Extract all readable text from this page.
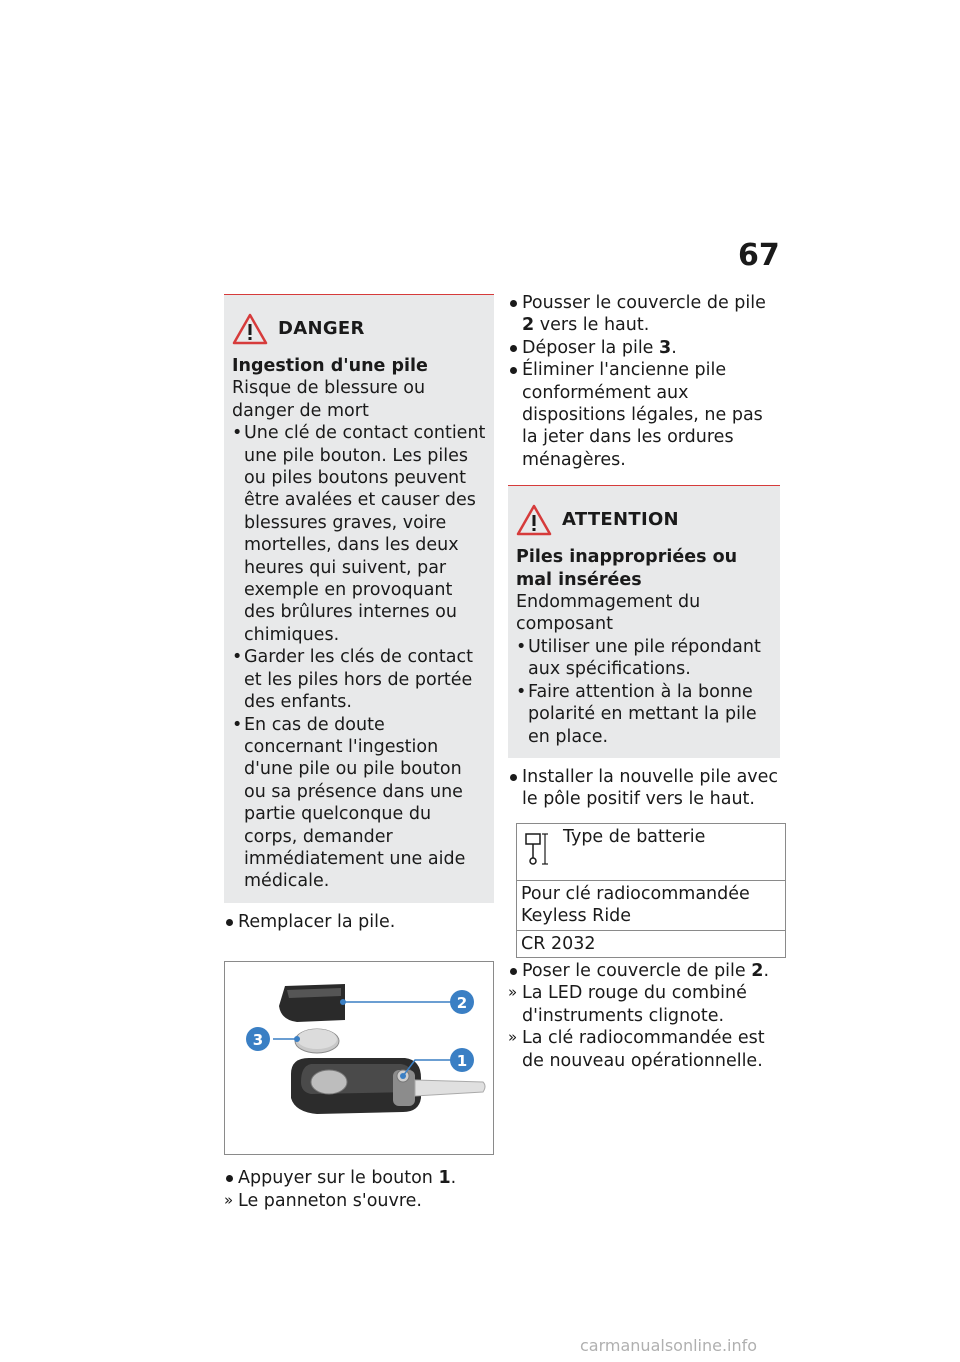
67
DANGER

Ingestion d'une pile

Risque de blessure ou danger de mort

• Une clé de contact contient une pile bouton. Les piles ou piles boutons peuvent être avalées et causer des blessures graves, voire mortelles, dans les deux heures qui suivent, par exemple en provoquant des brûlures internes ou chimiques.
• Garder les clés de contact et les piles hors de portée des enfants.
• En cas de doute concernant l'ingestion d'une pile ou pile bouton ou sa présence dans une partie quelconque du corps, demander immédiatement une aide médicale.

Remplacer la pile.

2
3
1

Appuyer sur le bouton 1.

» Le panneton s'ouvre.

Pousser le couvercle de pile 2 vers le haut.

Déposer la pile 3.

Éliminer l'ancienne pile conformément aux dispositions légales, ne pas la jeter dans les ordures ménagères.

ATTENTION

Piles inappropriées ou mal insérées

Endommagement du composant

• Utiliser une pile répondant aux spécifications.
• Faire attention à la bonne polarité en mettant la pile en place.

Installer la nouvelle pile avec le pôle positif vers le haut.

Type de batterie
Pour clé radiocommandée Keyless Ride
CR 2032

Poser le couvercle de pile 2.

» La LED rouge du combiné d'instruments clignote.

» La clé radiocommandée est de nouveau opérationnelle.

carmanualsonline.info
